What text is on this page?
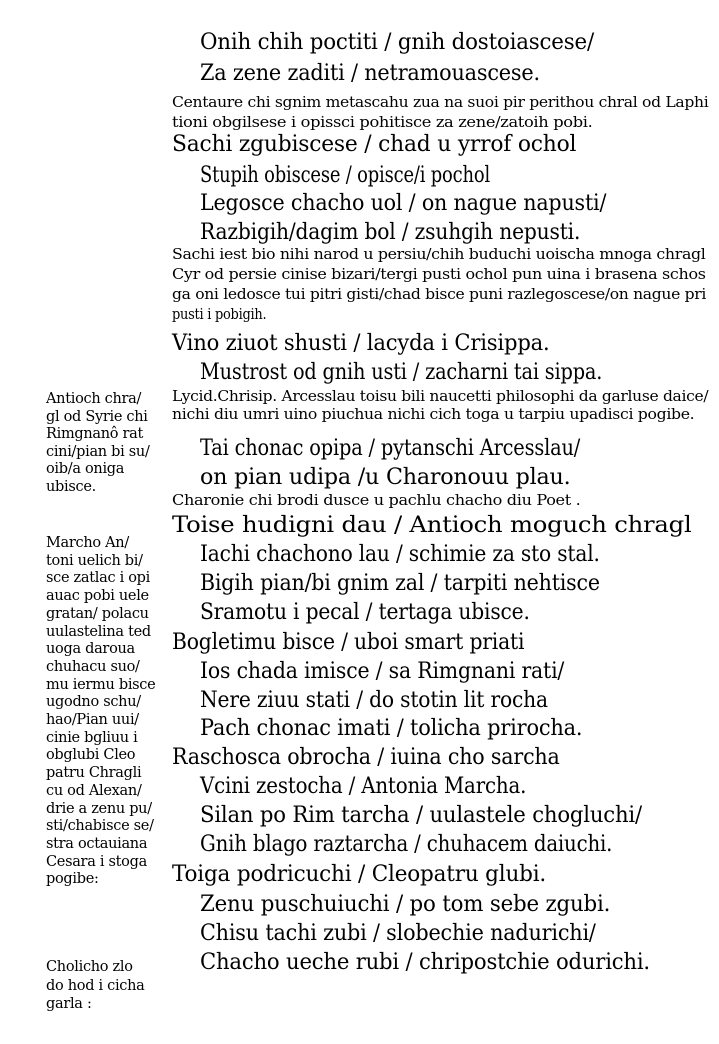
Onih chih poctiti / gnih dostoiascese/
Za zene zaditi / netramouascese.
Centaure chi sgnim metascahu zua na suoi pir perithou chral od Laphi
tioni obgilsese i opissci pohitisce za zene/zatoih pobi.
Sachi zgubiscese / chad u yrrof ochol
Stupih obiscese / opisce/i pochol
Legosce chacho uol / on nague napusti/
Razbigih/dagim bol / zsuhgih nepusti.
Sachi iest bio nihi narod u persiu/chih buduchi uoischa mnoga chragl
Cyr od persie cinise bizari/tergi pusti ochol pun uina i brasena schos
ga oni ledosce tui pitri gisti/chad bisce puni razlegoscese/on nague pri
pusti i pobigih.
Vino ziuot shusti / lacyda i Crisippa.
Mustrost od gnih usti / zacharni tai sippa.
Lycid.Chrisip. Arcesslau toisu bili naucetti philosophi da garluse daice/
nichi diu umri uino piuchua nichi cich toga u tarpiu upadisci pogibe.
Tai chonac opipa / pytanschi Arcesslau/
on pian udipa /u Charonouu plau.
Charonie chi brodi dusce u pachlu chacho diu Poet .
Toise hudigni dau / Antioch moguch chragl
Iachi chachono lau / schimie za sto stal.
Bigih pian/bi gnim zal / tarpiti nehtisce
Sramotu i pecal / tertaga ubisce.
Bogletimu bisce / uboi smart priati
Ios chada imisce / sa Rimgnani rati/
Nere ziuu stati / do stotin lit rocha
Pach chonac imati / tolicha prirocha.
Raschosca obrocha / iuina cho sarcha
Vcini zestocha / Antonia Marcha.
Silan po Rim tarcha / uulastele chogluchi/
Gnih blago raztarcha / chuhacem daiuchi.
Toiga podricuchi / Cleopatru glubi.
Zenu puschuiuchi / po tom sebe zgubi.
Chisu tachi zubi / slobechie nadurichi/
Chacho ueche rubi / chripostchie odurichi.
Antioch chra/
gl od Syrie chi
Rimgnanô rat
cini/pian bi su/
oib/a oniga
ubisce.
Marcho An/
toni uelich bi/
sce zatlac i opi
auac pobi uele
gratan/ polacu
uulastelina ted
uoga daroua
chuhacu suo/
mu iermu bisce
ugodno schu/
hao/Pian uui/
cinie bgliuu i
obglubi Cleo
patru Chragli
cu od Alexan/
drie a zenu pu/
sti/chabisce se/
stra octauiana
Cesara i stoga
pogibe:
Cholicho zlo
do hod i cicha
garla :
